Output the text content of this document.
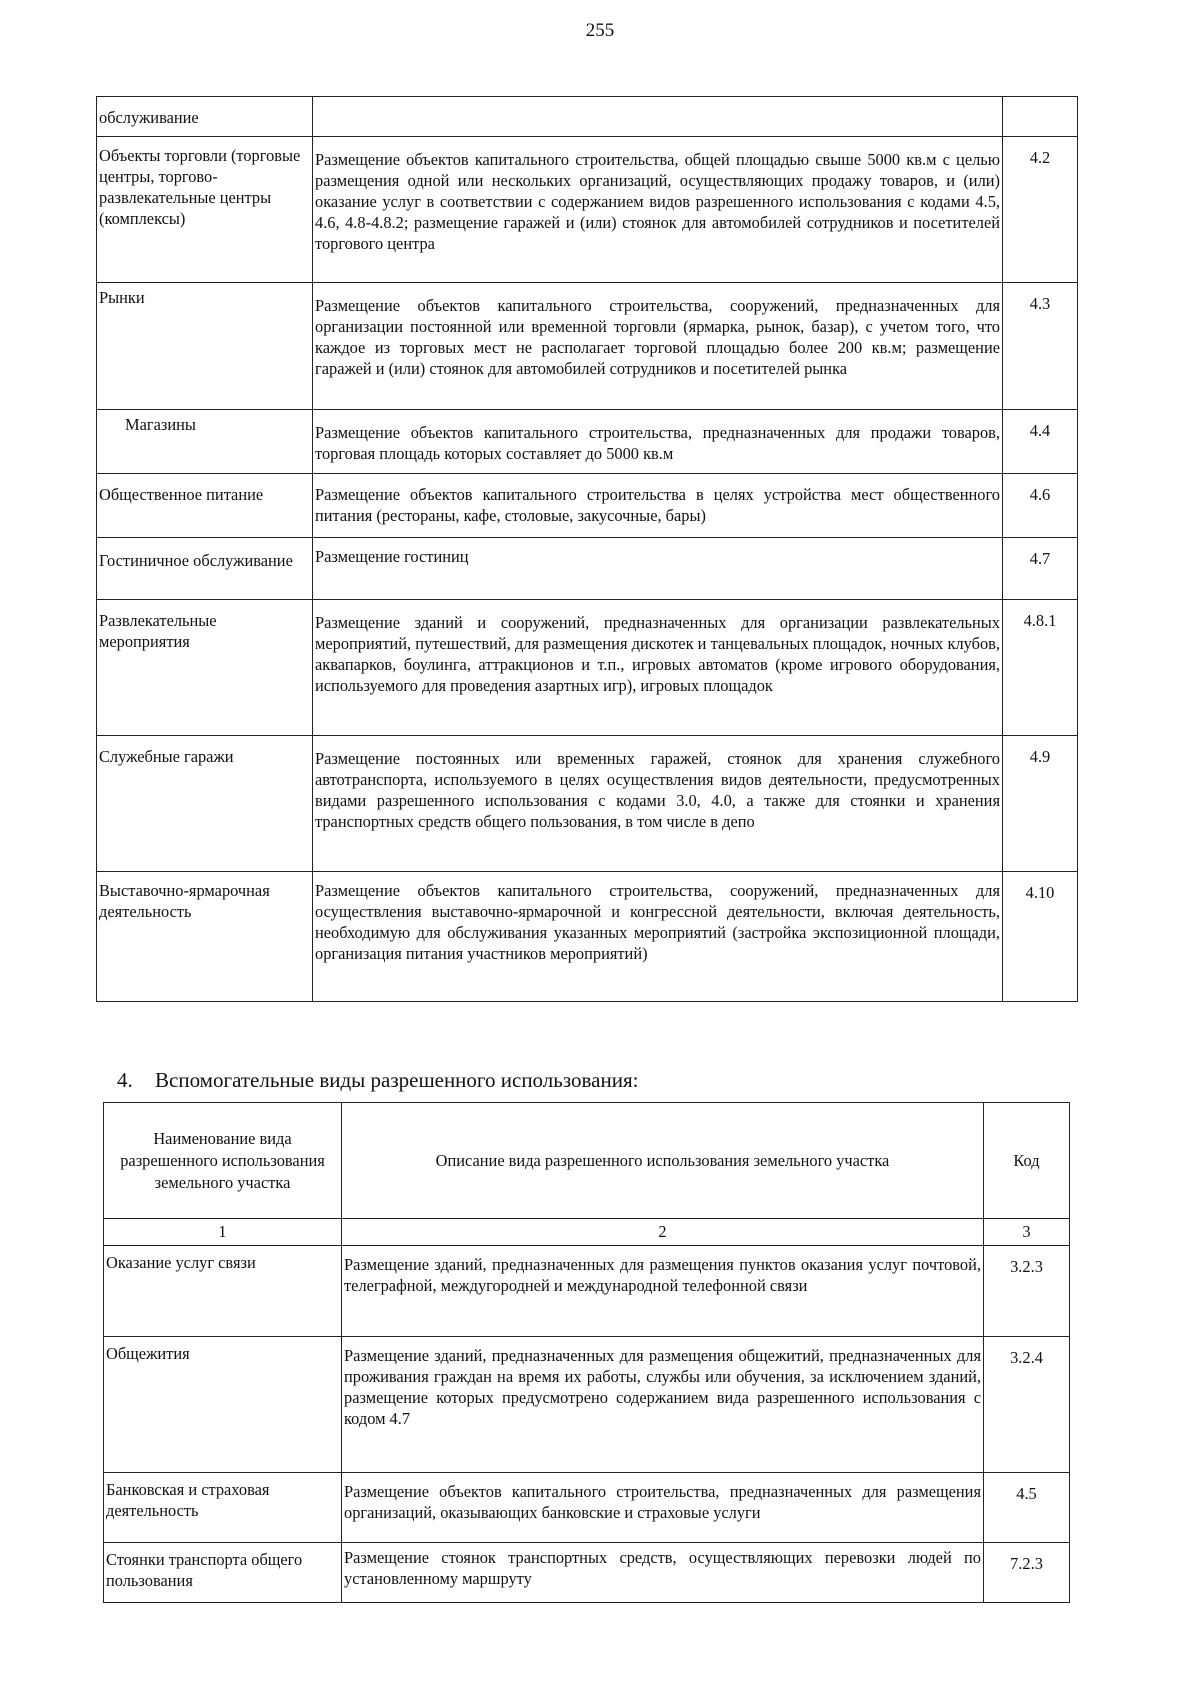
255
обслуживание		
Объекты торговли (торговые центры, торгово-развлекательные центры (комплексы)	Размещение объектов капитального строительства, общей площадью свыше 5000 кв.м с целью размещения одной или нескольких организаций, осуществляющих продажу товаров, и (или) оказание услуг в соответствии с содержанием видов разрешенного использования с кодами 4.5, 4.6, 4.8-4.8.2; размещение гаражей и (или) стоянок для автомобилей сотрудников и посетителей торгового центра	4.2
Рынки	Размещение объектов капитального строительства, сооружений, предназначенных для организации постоянной или временной торговли (ярмарка, рынок, базар), с учетом того, что каждое из торговых мест не располагает торговой площадью более 200 кв.м; размещение гаражей и (или) стоянок для автомобилей сотрудников и посетителей рынка	4.3
Магазины	Размещение объектов капитального строительства, предназначенных для продажи товаров, торговая площадь которых составляет до 5000 кв.м	4.4
Общественное питание	Размещение объектов капитального строительства в целях устройства мест общественного питания (рестораны, кафе, столовые, закусочные, бары)	4.6
Гостиничное обслуживание	Размещение гостиниц	4.7
Развлекательные мероприятия	Размещение зданий и сооружений, предназначенных для организации развлекательных мероприятий, путешествий, для размещения дискотек и танцевальных площадок, ночных клубов, аквапарков, боулинга, аттракционов и т.п., игровых автоматов (кроме игрового оборудования, используемого для проведения азартных игр), игровых площадок	4.8.1
Служебные гаражи	Размещение постоянных или временных гаражей, стоянок для хранения служебного автотранспорта, используемого в целях осуществления видов деятельности, предусмотренных видами разрешенного использования с кодами 3.0, 4.0, а также для стоянки и хранения транспортных средств общего пользования, в том числе в депо	4.9
Выставочно-ярмарочная деятельность	Размещение объектов капитального строительства, сооружений, предназначенных для осуществления выставочно-ярмарочной и конгрессной деятельности, включая деятельность, необходимую для обслуживания указанных мероприятий (застройка экспозиционной площади, организация питания участников мероприятий)	4.10
4. Вспомогательные виды разрешенного использования:
Наименование вида разрешенного использования земельного участка	Описание вида разрешенного использования земельного участка	Код
1	2	3
Оказание услуг связи	Размещение зданий, предназначенных для размещения пунктов оказания услуг почтовой, телеграфной, междугородней и международной телефонной связи	3.2.3
Общежития	Размещение зданий, предназначенных для размещения общежитий, предназначенных для проживания граждан на время их работы, службы или обучения, за исключением зданий, размещение которых предусмотрено содержанием вида разрешенного использования с кодом 4.7	3.2.4
Банковская и страховая деятельность	Размещение объектов капитального строительства, предназначенных для размещения организаций, оказывающих банковские и страховые услуги	4.5
Стоянки транспорта общего пользования	Размещение стоянок транспортных средств, осуществляющих перевозки людей по установленному маршруту	7.2.3
